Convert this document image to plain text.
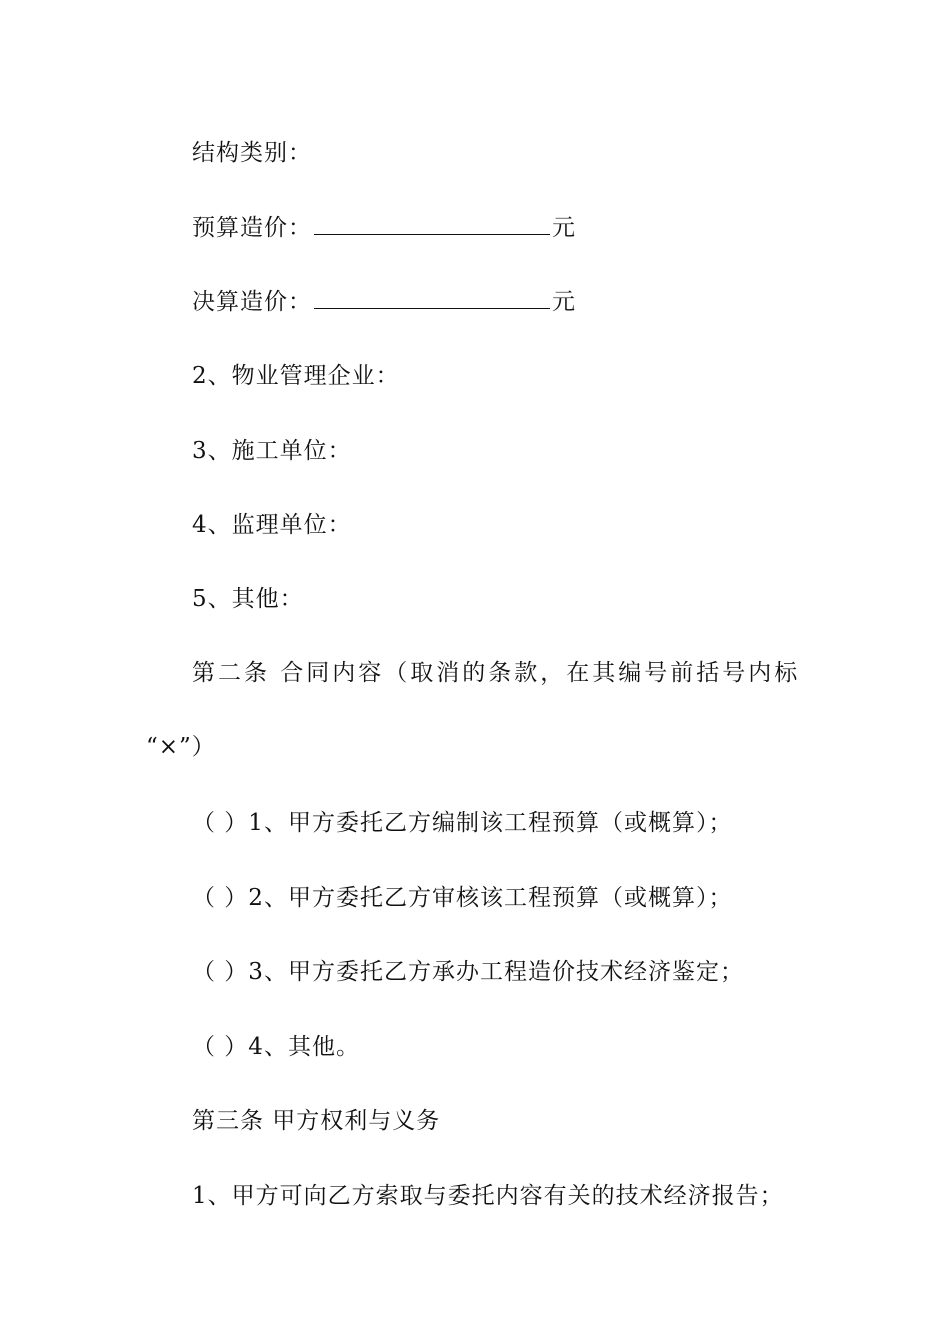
结构类别：
预算造价：	元
决算造价：	元
2、物业管理企业：
3、施工单位：
4、监理单位：
5、其他：
第二条 合同内容（取消的条款，在其编号前括号内标
“×”）
（ ）1、甲方委托乙方编制该工程预算（或概算）；
（ ）2、甲方委托乙方审核该工程预算（或概算）；
（ ）3、甲方委托乙方承办工程造价技术经济鉴定；
（ ）4、其他。
第三条 甲方权利与义务
1、甲方可向乙方索取与委托内容有关的技术经济报告；
